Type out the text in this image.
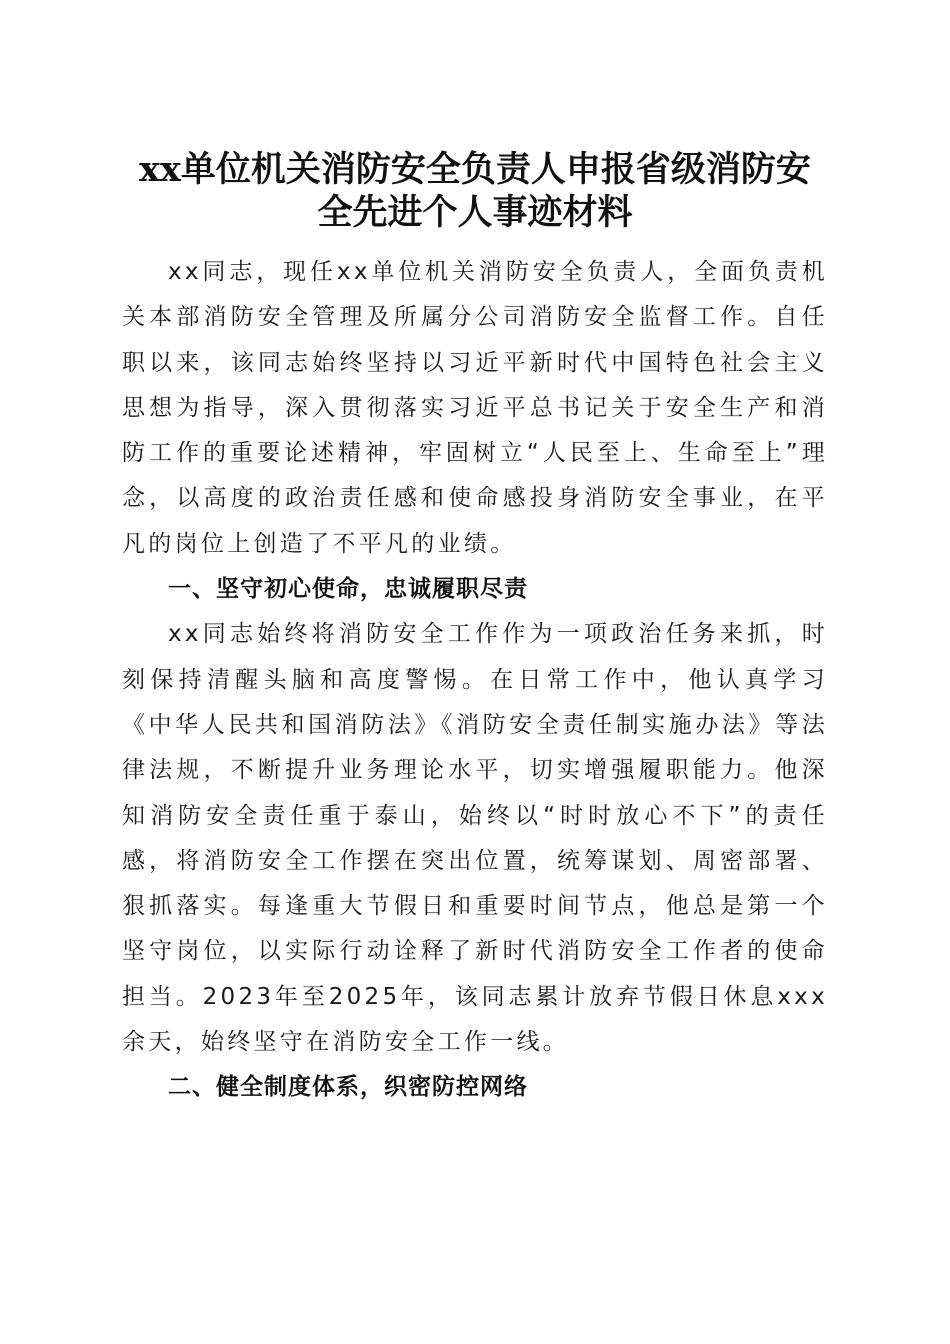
xx单位机关消防安全负责人申报省级消防安
全先进个人事迹材料

xx同志，现任xx单位机关消防安全负责人，全面负责机关本部消防安全管理及所属分公司消防安全监督工作。自任职以来，该同志始终坚持以习近平新时代中国特色社会主义思想为指导，深入贯彻落实习近平总书记关于安全生产和消防工作的重要论述精神，牢固树立“人民至上、生命至上”理念，以高度的政治责任感和使命感投身消防安全事业，在平凡的岗位上创造了不平凡的业绩。

一、坚守初心使命，忠诚履职尽责

xx同志始终将消防安全工作作为一项政治任务来抓，时刻保持清醒头脑和高度警惕。在日常工作中，他认真学习《中华人民共和国消防法》《消防安全责任制实施办法》等法律法规，不断提升业务理论水平，切实增强履职能力。他深知消防安全责任重于泰山，始终以“时时放心不下”的责任感，将消防安全工作摆在突出位置，统筹谋划、周密部署、狠抓落实。每逢重大节假日和重要时间节点，他总是第一个坚守岗位，以实际行动诠释了新时代消防安全工作者的使命担当。2023年至2025年，该同志累计放弃节假日休息xxx余天，始终坚守在消防安全工作一线。

二、健全制度体系，织密防控网络
